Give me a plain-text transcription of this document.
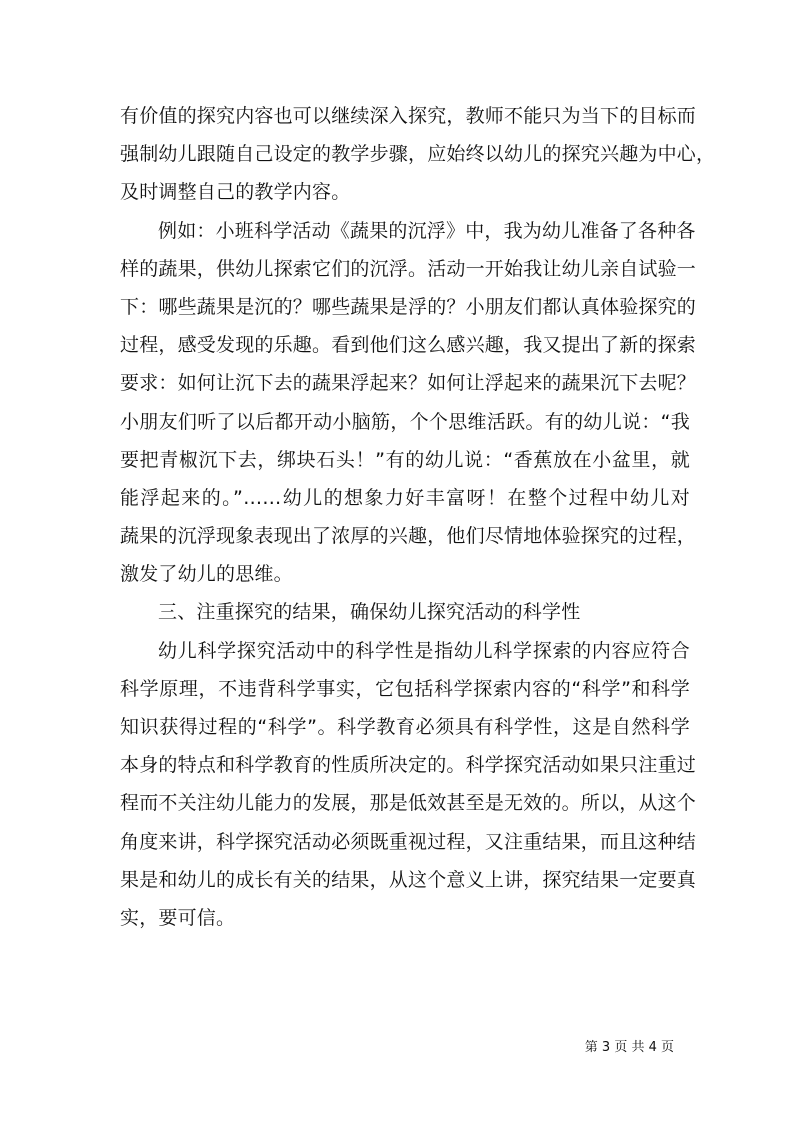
有价值的探究内容也可以继续深入探究，教师不能只为当下的目标而
强制幼儿跟随自己设定的教学步骤，应始终以幼儿的探究兴趣为中心，
及时调整自己的教学内容。
例如：小班科学活动《蔬果的沉浮》中，我为幼儿准备了各种各
样的蔬果，供幼儿探索它们的沉浮。活动一开始我让幼儿亲自试验一
下：哪些蔬果是沉的？哪些蔬果是浮的？小朋友们都认真体验探究的
过程，感受发现的乐趣。看到他们这么感兴趣，我又提出了新的探索
要求：如何让沉下去的蔬果浮起来？如何让浮起来的蔬果沉下去呢？
小朋友们听了以后都开动小脑筋，个个思维活跃。有的幼儿说：“我
要把青椒沉下去，绑块石头！”有的幼儿说：“香蕉放在小盆里，就
能浮起来的。”……幼儿的想象力好丰富呀！在整个过程中幼儿对
蔬果的沉浮现象表现出了浓厚的兴趣，他们尽情地体验探究的过程，
激发了幼儿的思维。
三、注重探究的结果，确保幼儿探究活动的科学性
幼儿科学探究活动中的科学性是指幼儿科学探索的内容应符合
科学原理，不违背科学事实，它包括科学探索内容的“科学”和科学
知识获得过程的“科学”。科学教育必须具有科学性，这是自然科学
本身的特点和科学教育的性质所决定的。科学探究活动如果只注重过
程而不关注幼儿能力的发展，那是低效甚至是无效的。所以，从这个
角度来讲，科学探究活动必须既重视过程，又注重结果，而且这种结
果是和幼儿的成长有关的结果，从这个意义上讲，探究结果一定要真
实，要可信。
第 3 页 共 4 页
